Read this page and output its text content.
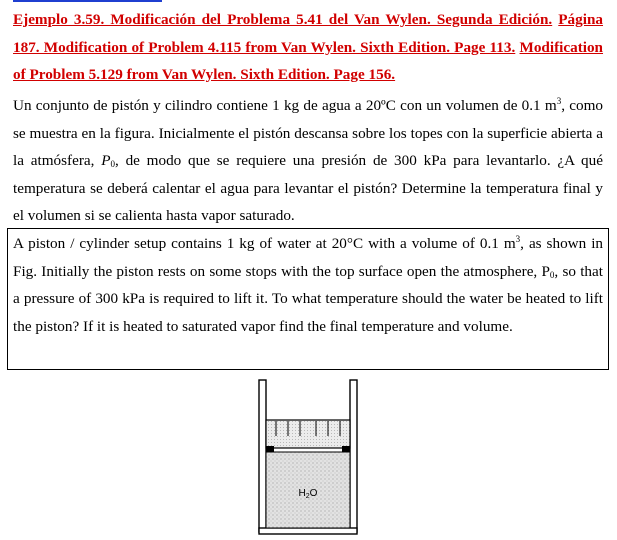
Ejemplo 3.59. Modificación del Problema 5.41 del Van Wylen. Segunda Edición. Página 187. Modification of Problem 4.115 from Van Wylen. Sixth Edition. Page 113. Modification of Problem 5.129 from Van Wylen. Sixth Edition. Page 156.

Un conjunto de pistón y cilindro contiene 1 kg de agua a 20ºC con un volumen de 0.1 $m^3$, como se muestra en la figura. Inicialmente el pistón descansa sobre los topes con la superficie abierta a la atmósfera, $P_0$, de modo que se requiere una presión de 300 kPa para levantarlo. ¿A qué temperatura se deberá calentar el agua para levantar el pistón? Determine la temperatura final y el volumen si se calienta hasta vapor saturado.

A piston / cylinder setup contains 1 kg of water at 20°C with a volume of 0.1 $m^3$, as shown in Fig. Initially the piston rests on some stops with the top surface open the atmosphere, $P_0$, so that a pressure of 300 kPa is required to lift it. To what temperature should the water be heated to lift the piston? If it is heated to saturated vapor find the final temperature and volume.

$H_2O$
